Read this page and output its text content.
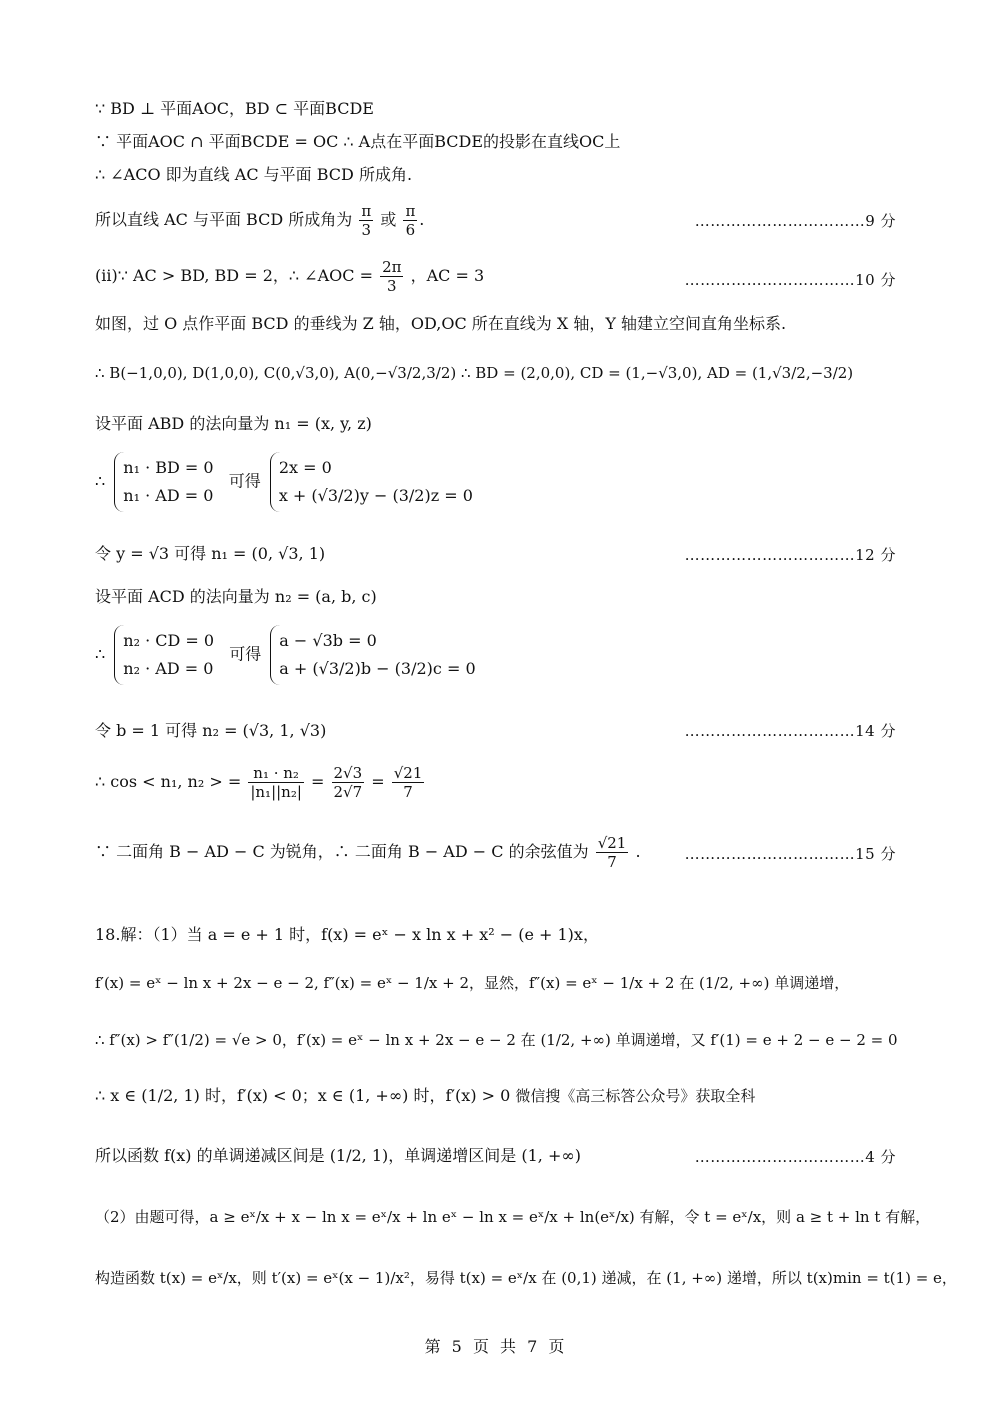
∵ BD ⊥ 平面AOC，BD ⊂ 平面BCDE
∵ 平面AOC ∩ 平面BCDE = OC ∴ A点在平面BCDE的投影在直线OC上
∴ ∠ACO 即为直线 AC 与平面 BCD 所成角.
所以直线 AC 与平面 BCD 所成角为 $\frac{\pi}{3}$ 或 $\frac{\pi}{6}$ .	……………………………9 分
(ii)∵ AC > BD, BD = 2，∴ ∠AOC = $\frac{2\pi}{3}$ ，AC = 3	……………………………10 分
如图，过 O 点作平面 BCD 的垂线为 Z 轴，OD,OC 所在直线为 X 轴，Y 轴建立空间直角坐标系.
∴ B(−1,0,0), D(1,0,0), C(0,√3,0), A(0,−√3/2,3/2) ∴ BD = (2,0,0), CD = (1,−√3,0), AD = (1,√3/2,−3/2)
设平面 ABD 的法向量为 n₁ = (x, y, z)
∴
n₁ · BD = 0
n₁ · AD = 0
可得
2x = 0
x + (√3/2)y − (3/2)z = 0
令 y = √3 可得 n₁ = (0, √3, 1)	……………………………12 分
设平面 ACD 的法向量为 n₂ = (a, b, c)
∴
n₂ · CD = 0
n₂ · AD = 0
可得
a − √3b = 0
a + (√3/2)b − (3/2)c = 0
令 b = 1 可得 n₂ = (√3, 1, √3)	……………………………14 分
∴ cos < n₁, n₂ > = $\frac{\text{n₁ · n₂}}{\text{|n₁||n₂|}} = \frac{2√3}{2√7} = \frac{√21}{7}$
∵ 二面角 B − AD − C 为锐角，∴ 二面角 B − AD − C 的余弦值为 $\frac{√21}{7}$ .	……………………………15 分
18.解：（1）当 a = e + 1 时，f(x) = eˣ − x ln x + x² − (e + 1)x，
f′(x) = eˣ − ln x + 2x − e − 2, f″(x) = eˣ − 1/x + 2，显然，f″(x) = eˣ − 1/x + 2 在 (1/2, +∞) 单调递增，
∴ f″(x) > f″(1/2) = √e > 0，f′(x) = eˣ − ln x + 2x − e − 2 在 (1/2, +∞) 单调递增，又 f′(1) = e + 2 − e − 2 = 0
∴ x ∈ (1/2, 1) 时，f′(x) < 0；x ∈ (1, +∞) 时，f′(x) > 0 微信搜《高三标答公众号》获取全科
所以函数 f(x) 的单调递减区间是 (1/2, 1)，单调递增区间是 (1, +∞)	……………………………4 分
（2）由题可得，a ≥ eˣ/x + x − ln x = eˣ/x + ln eˣ − ln x = eˣ/x + ln(eˣ/x) 有解，令 t = eˣ/x，则 a ≥ t + ln t 有解，
构造函数 t(x) = eˣ/x，则 t′(x) = eˣ(x − 1)/x²，易得 t(x) = eˣ/x 在 (0,1) 递减，在 (1, +∞) 递增，所以 t(x)min = t(1) = e，
第 5 页 共 7 页
